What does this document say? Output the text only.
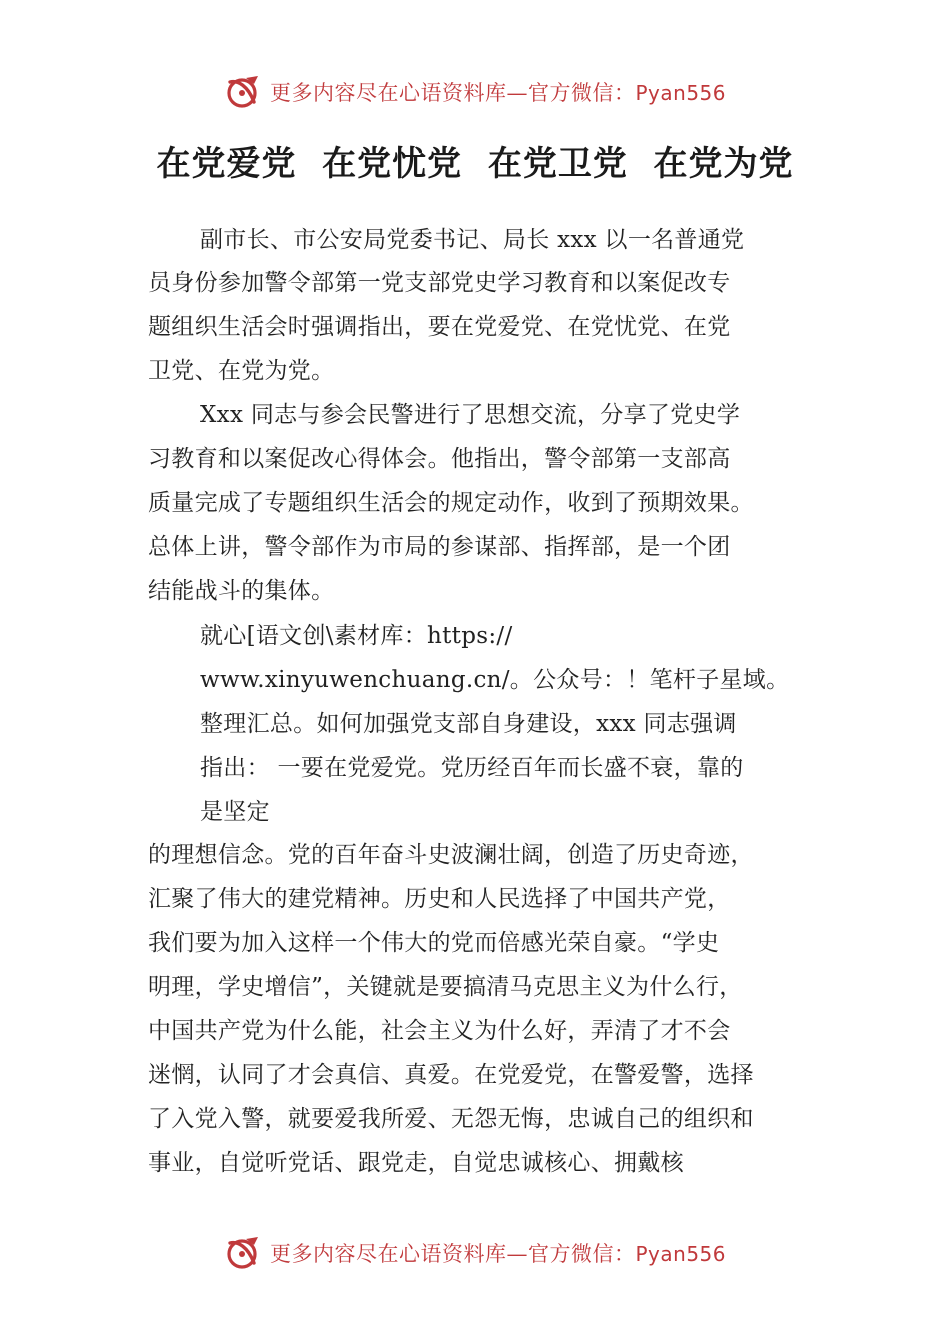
更多内容尽在心语资料库—官方微信：Pyan556
在党爱党  在党忧党  在党卫党  在党为党
副市长、市公安局党委书记、局长 xxx 以一名普通党
员身份参加警令部第一党支部党史学习教育和以案促改专
题组织生活会时强调指出，要在党爱党、在党忧党、在党
卫党、在党为党。
Xxx 同志与参会民警进行了思想交流，分享了党史学
习教育和以案促改心得体会。他指出，警令部第一支部高
质量完成了专题组织生活会的规定动作，收到了预期效果。
总体上讲，警令部作为市局的参谋部、指挥部，是一个团
结能战斗的集体。
就心[语文创\素材库：https://
www.xinyuwenchuang.cn/。公众号：！笔杆子星域。
整理汇总。如何加强党支部自身建设，xxx 同志强调
指出： 一要在党爱党。党历经百年而长盛不衰，靠的
是坚定
的理想信念。党的百年奋斗史波澜壮阔，创造了历史奇迹，
汇聚了伟大的建党精神。历史和人民选择了中国共产党，
我们要为加入这样一个伟大的党而倍感光荣自豪。“学史
明理，学史增信”，关键就是要搞清马克思主义为什么行，
中国共产党为什么能，社会主义为什么好，弄清了才不会
迷惘，认同了才会真信、真爱。在党爱党，在警爱警，选择
了入党入警，就要爱我所爱、无怨无悔，忠诚自己的组织和
事业，自觉听党话、跟党走，自觉忠诚核心、拥戴核
更多内容尽在心语资料库—官方微信：Pyan556
